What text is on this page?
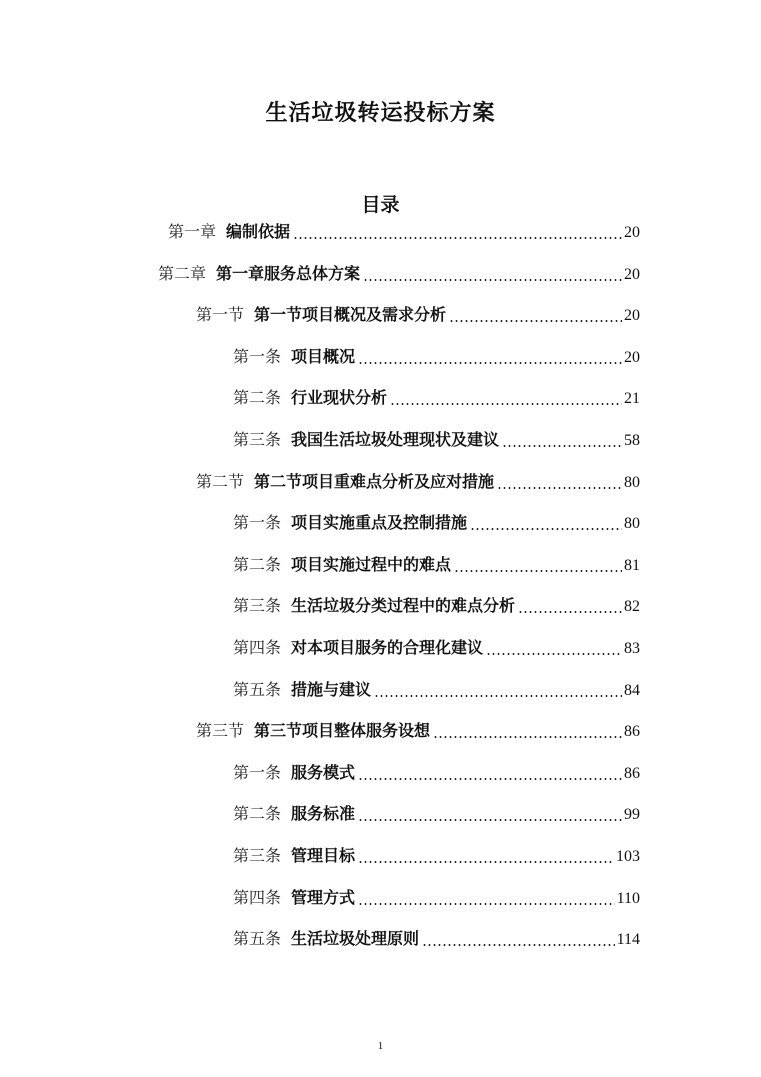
生活垃圾转运投标方案
目录
第一章 编制依据	20
第二章 第一章服务总体方案	20
第一节 第一节项目概况及需求分析	20
第一条 项目概况	20
第二条 行业现状分析	21
第三条 我国生活垃圾处理现状及建议	58
第二节 第二节项目重难点分析及应对措施	80
第一条 项目实施重点及控制措施	80
第二条 项目实施过程中的难点	81
第三条 生活垃圾分类过程中的难点分析	82
第四条 对本项目服务的合理化建议	83
第五条 措施与建议	84
第三节 第三节项目整体服务设想	86
第一条 服务模式	86
第二条 服务标准	99
第三条 管理目标	103
第四条 管理方式	110
第五条 生活垃圾处理原则	114
1
